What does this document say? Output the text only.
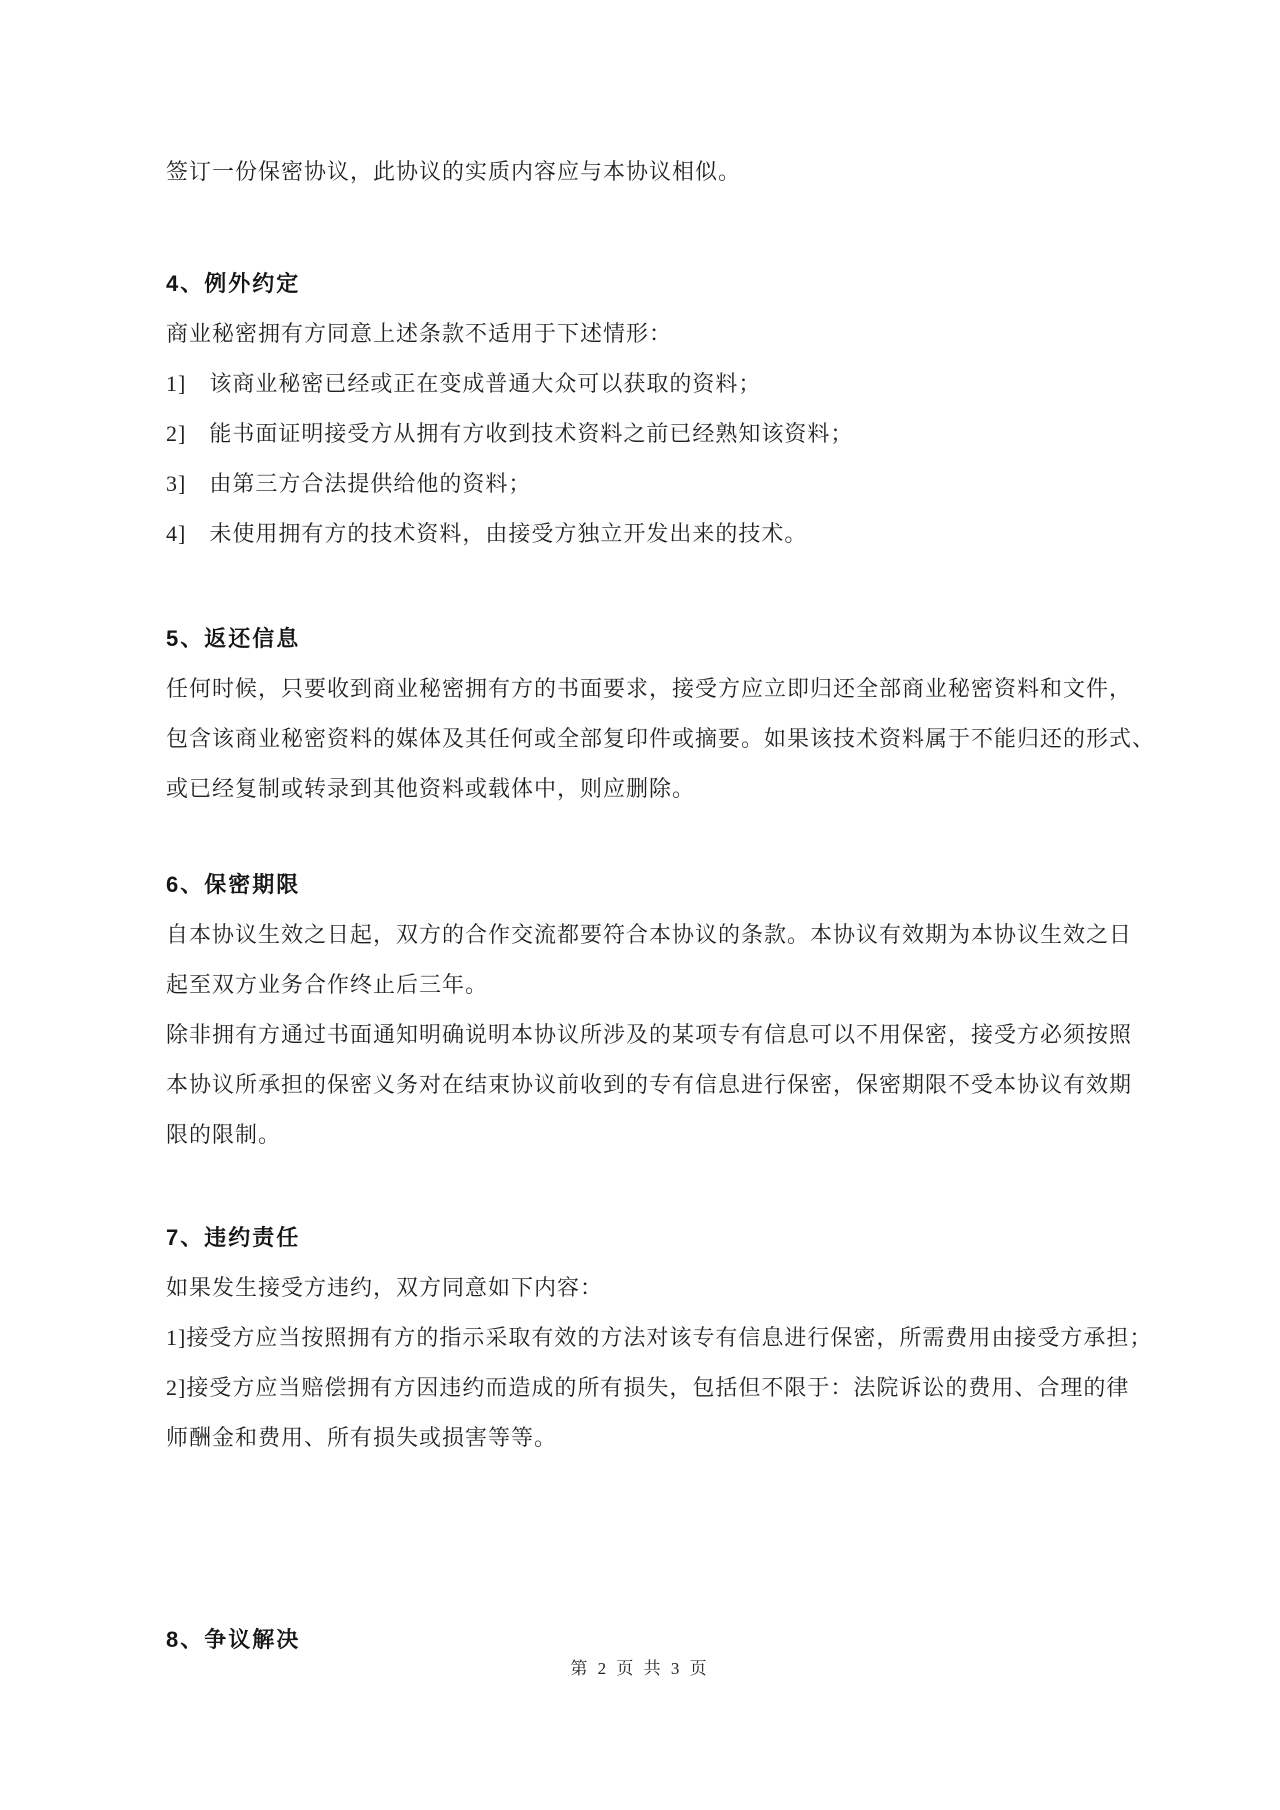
签订一份保密协议，此协议的实质内容应与本协议相似。
4、例外约定
商业秘密拥有方同意上述条款不适用于下述情形：
1]　该商业秘密已经或正在变成普通大众可以获取的资料；
2]　能书面证明接受方从拥有方收到技术资料之前已经熟知该资料；
3]　由第三方合法提供给他的资料；
4]　未使用拥有方的技术资料，由接受方独立开发出来的技术。
5、返还信息
任何时候，只要收到商业秘密拥有方的书面要求，接受方应立即归还全部商业秘密资料和文件，
包含该商业秘密资料的媒体及其任何或全部复印件或摘要。如果该技术资料属于不能归还的形式、
或已经复制或转录到其他资料或载体中，则应删除。
6、保密期限
自本协议生效之日起，双方的合作交流都要符合本协议的条款。本协议有效期为本协议生效之日
起至双方业务合作终止后三年。
除非拥有方通过书面通知明确说明本协议所涉及的某项专有信息可以不用保密，接受方必须按照
本协议所承担的保密义务对在结束协议前收到的专有信息进行保密，保密期限不受本协议有效期
限的限制。
7、违约责任
如果发生接受方违约，双方同意如下内容：
1]接受方应当按照拥有方的指示采取有效的方法对该专有信息进行保密，所需费用由接受方承担；
2]接受方应当赔偿拥有方因违约而造成的所有损失，包括但不限于：法院诉讼的费用、合理的律
师酬金和费用、所有损失或损害等等。
8、争议解决
第 2 页 共 3 页
